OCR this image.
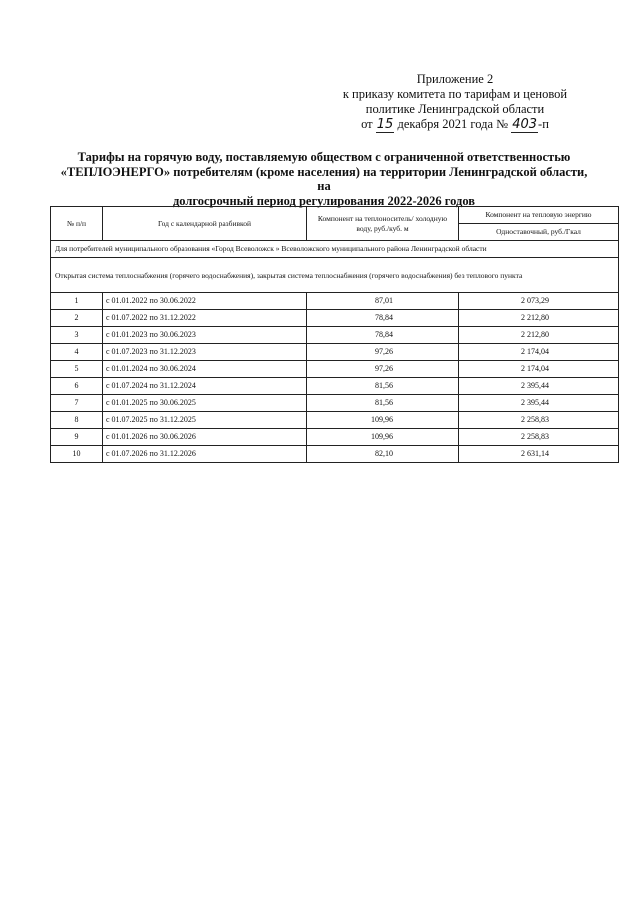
Приложение 2
к приказу комитета по тарифам и ценовой
политике Ленинградской области
от 15 декабря 2021 года № 403-п
Тарифы на горячую воду, поставляемую обществом с ограниченной ответственностью
«ТЕПЛОЭНЕРГО» потребителям (кроме населения) на территории Ленинградской области, на
долгосрочный период регулирования 2022-2026 годов
№ п/п	Год с календарной разбивкой	Компонент на теплоноситель/ холодную воду, руб./куб. м	Компонент на тепловую энергию
			Одноставочный, руб./Гкал
Для потребителей муниципального образования «Город Всеволожск » Всеволожского муниципального района Ленинградской области			
Открытая система теплоснабжения (горячего водоснабжения), закрытая система теплоснабжения (горячего водоснабжения) без теплового пункта			
1	с 01.01.2022 по 30.06.2022	87,01	2 073,29
2	с 01.07.2022 по 31.12.2022	78,84	2 212,80
3	с 01.01.2023 по 30.06.2023	78,84	2 212,80
4	с 01.07.2023 по 31.12.2023	97,26	2 174,04
5	с 01.01.2024 по 30.06.2024	97,26	2 174,04
6	с 01.07.2024 по 31.12.2024	81,56	2 395,44
7	с 01.01.2025 по 30.06.2025	81,56	2 395,44
8	с 01.07.2025 по 31.12.2025	109,96	2 258,83
9	с 01.01.2026 по 30.06.2026	109,96	2 258,83
10	с 01.07.2026 по 31.12.2026	82,10	2 631,14
